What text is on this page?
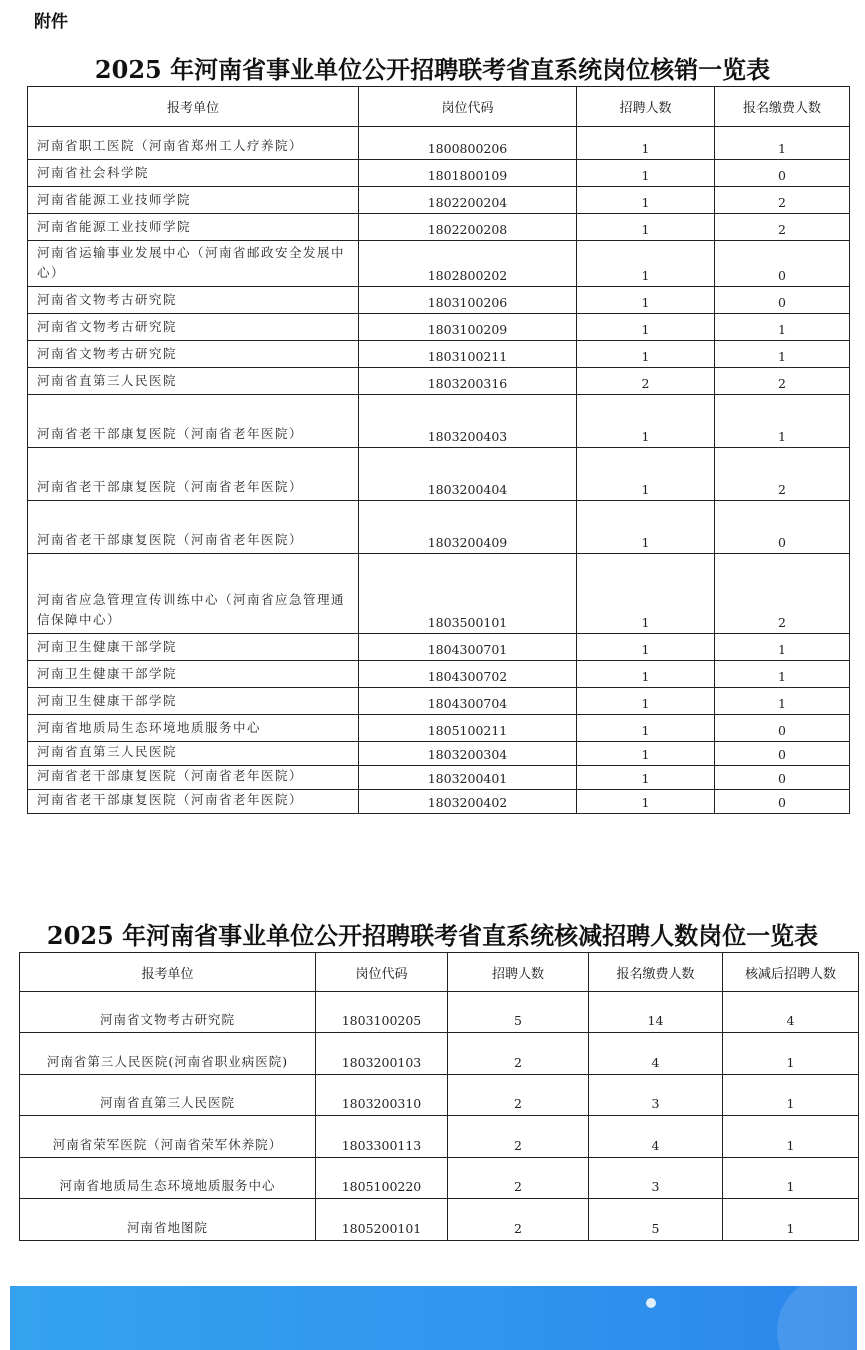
附件
2025 年河南省事业单位公开招聘联考省直系统岗位核销一览表
报考单位	岗位代码	招聘人数	报名缴费人数
河南省职工医院（河南省郑州工人疗养院）	1800800206	1	1
河南省社会科学院	1801800109	1	0
河南省能源工业技师学院	1802200204	1	2
河南省能源工业技师学院	1802200208	1	2
河南省运输事业发展中心（河南省邮政安全发展中心）	1802800202	1	0
河南省文物考古研究院	1803100206	1	0
河南省文物考古研究院	1803100209	1	1
河南省文物考古研究院	1803100211	1	1
河南省直第三人民医院	1803200316	2	2
河南省老干部康复医院（河南省老年医院）	1803200403	1	1
河南省老干部康复医院（河南省老年医院）	1803200404	1	2
河南省老干部康复医院（河南省老年医院）	1803200409	1	0
河南省应急管理宣传训练中心（河南省应急管理通信保障中心）	1803500101	1	2
河南卫生健康干部学院	1804300701	1	1
河南卫生健康干部学院	1804300702	1	1
河南卫生健康干部学院	1804300704	1	1
河南省地质局生态环境地质服务中心	1805100211	1	0
河南省直第三人民医院	1803200304	1	0
河南省老干部康复医院（河南省老年医院）	1803200401	1	0
河南省老干部康复医院（河南省老年医院）	1803200402	1	0
2025 年河南省事业单位公开招聘联考省直系统核减招聘人数岗位一览表
报考单位	岗位代码	招聘人数	报名缴费人数	核减后招聘人数
河南省文物考古研究院	1803100205	5	14	4
河南省第三人民医院(河南省职业病医院)	1803200103	2	4	1
河南省直第三人民医院	1803200310	2	3	1
河南省荣军医院（河南省荣军休养院）	1803300113	2	4	1
河南省地质局生态环境地质服务中心	1805100220	2	3	1
河南省地图院	1805200101	2	5	1
